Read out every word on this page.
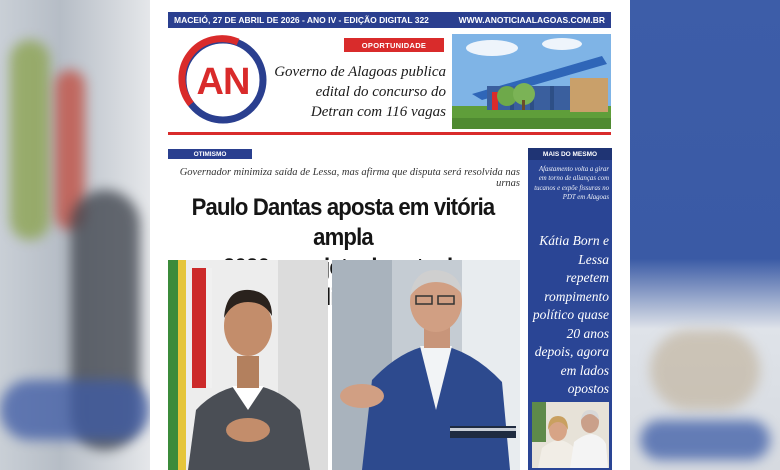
MACEIÓ, 27 DE ABRIL DE 2026 - ANO IV - EDIÇÃO DIGITAL 322	WWW.ANOTICIAALAGOAS.COM.BR
AN
OPORTUNIDADE
Governo de Alagoas publica edital do concurso do Detran com 116 vagas
OTIMISMO
Governador minimiza saída de Lessa, mas afirma que disputa será resolvida nas urnas
Paulo Dantas aposta em vitória ampla
MAIS DO MESMO
Afastamento volta a girar em torno de alianças com tucanos e expõe fissuras no PDT em Alagoas
Kátia Born e Lessa repetem rompimento político quase 20 anos depois, agora em lados opostos
